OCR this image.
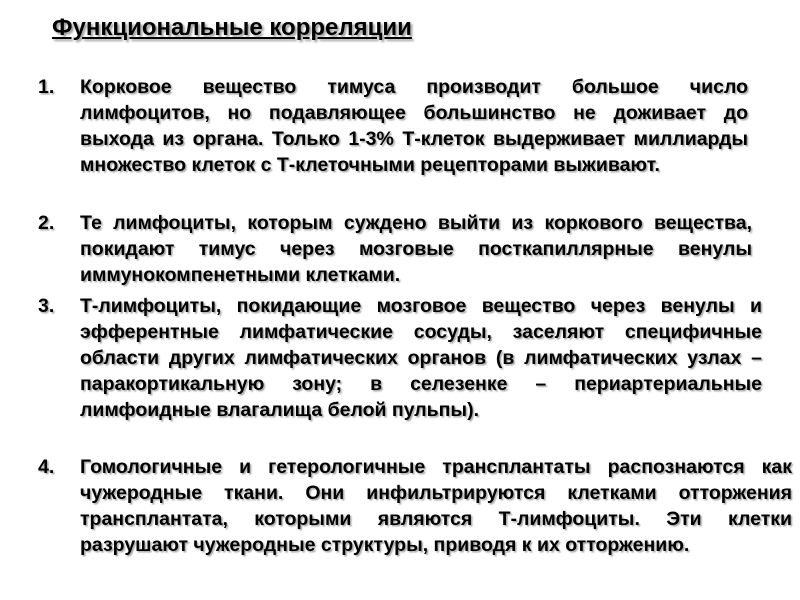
Функциональные корреляции
1.	Корковое вещество тимуса производит большое число лимфоцитов, но подавляющее большинство не доживает до выхода из органа. Только 1-3% Т-клеток выдерживает миллиарды множество клеток с Т-клеточными рецепторами выживают.
2.	Те лимфоциты, которым суждено выйти из коркового вещества, покидают тимус через мозговые посткапиллярные венулы иммунокомпенетными клетками.
3.	Т-лимфоциты, покидающие мозговое вещество через венулы и эфферентные лимфатические сосуды, заселяют специфичные области других лимфатических органов (в лимфатических узлах – паракортикальную зону; в селезенке – периартериальные лимфоидные влагалища белой пульпы).
4.	Гомологичные и гетерологичные трансплантаты распознаются как чужеродные ткани. Они инфильтрируются клетками отторжения трансплантата, которыми являются Т-лимфоциты. Эти клетки разрушают чужеродные структуры, приводя к их отторжению.
